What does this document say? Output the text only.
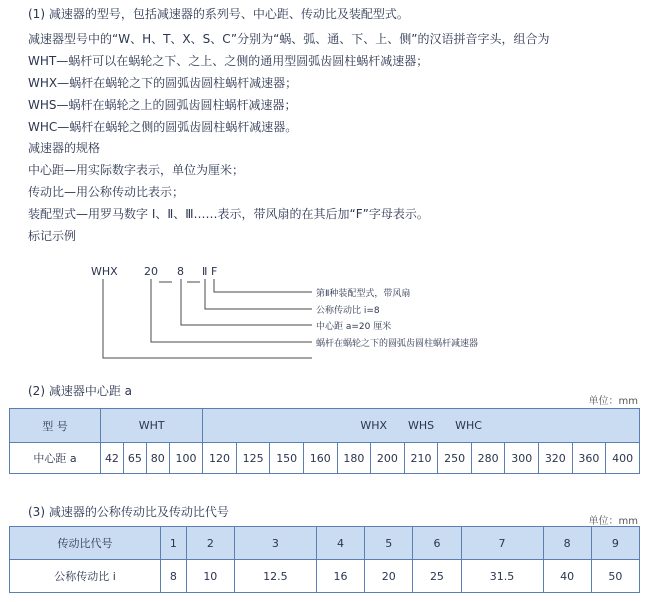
(1) 减速器的型号，包括减速器的系列号、中心距、传动比及装配型式。
减速器型号中的“W、H、T、X、S、C”分别为“蜗、弧、通、下、上、侧”的汉语拼音字头，组合为
WHT—蜗杆可以在蜗轮之下、之上、之侧的通用型圆弧齿圆柱蜗杆减速器；
WHX—蜗杆在蜗轮之下的圆弧齿圆柱蜗杆减速器；
WHS—蜗杆在蜗轮之上的圆弧齿圆柱蜗杆减速器；
WHC—蜗杆在蜗轮之侧的圆弧齿圆柱蜗杆减速器。
减速器的规格
中心距—用实际数字表示，单位为厘米；
传动比—用公称传动比表示；
装配型式—用罗马数字 Ⅰ、Ⅱ、Ⅲ……表示，带风扇的在其后加“F”字母表示。
标记示例
WHX 20 8 Ⅱ F
第Ⅱ种装配型式，带风扇
公称传动比 i=8
中心距 a=20 厘米
蜗杆在蜗轮之下的圆弧齿圆柱蜗杆减速器
(2) 减速器中心距 a
单位：mm
型 号	WHT				WHX      WHS      WHC												
中心距 a	42	65	80	100	120	125	150	160	180	200	210	250	280	300	320	360	400
(3) 减速器的公称传动比及传动比代号
单位：mm
传动比代号	1	2	3	4	5	6	7	8	9
公称传动比 i	8	10	12.5	16	20	25	31.5	40	50
